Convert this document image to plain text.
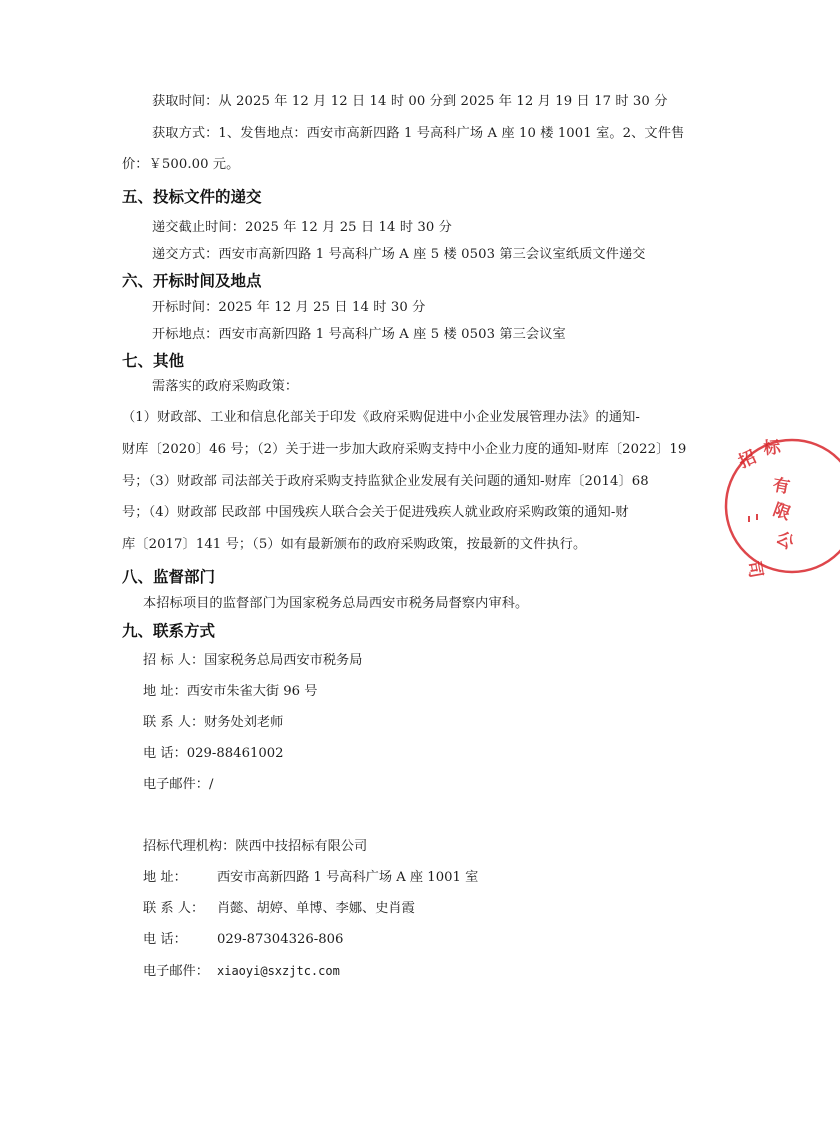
获取时间：从 2025 年 12 月 12 日 14 时 00 分到 2025 年 12 月 19 日 17 时 30 分
获取方式：1、发售地点：西安市高新四路 1 号高科广场 A 座 10 楼 1001 室。2、文件售
价：￥500.00 元。
五、投标文件的递交
递交截止时间：2025 年 12 月 25 日 14 时 30 分
递交方式：西安市高新四路 1 号高科广场 A 座 5 楼 0503 第三会议室纸质文件递交
六、开标时间及地点
开标时间：2025 年 12 月 25 日 14 时 30 分
开标地点：西安市高新四路 1 号高科广场 A 座 5 楼 0503 第三会议室
七、其他
需落实的政府采购政策：
（1）财政部、工业和信息化部关于印发《政府采购促进中小企业发展管理办法》的通知-
财库〔2020〕46 号；（2）关于进一步加大政府采购支持中小企业力度的通知-财库〔2022〕19
号；（3）财政部 司法部关于政府采购支持监狱企业发展有关问题的通知-财库〔2014〕68
号；（4）财政部 民政部 中国残疾人联合会关于促进残疾人就业政府采购政策的通知-财
库〔2017〕141 号；（5）如有最新颁布的政府采购政策，按最新的文件执行。
八、监督部门
本招标项目的监督部门为国家税务总局西安市税务局督察内审科。
九、联系方式
招 标 人：国家税务总局西安市税务局
地 址：西安市朱雀大街 96 号
联 系 人：财务处刘老师
电 话：029-88461002
电子邮件：/
招标代理机构：陕西中技招标有限公司
地 址： 西安市高新四路 1 号高科广场 A 座 1001 室
联 系 人： 肖懿、胡婷、单博、李娜、史肖霞
电 话： 029-87304326-806
电子邮件： xiaoyi@sxzjtc.com
招 标
有
限
公
司
